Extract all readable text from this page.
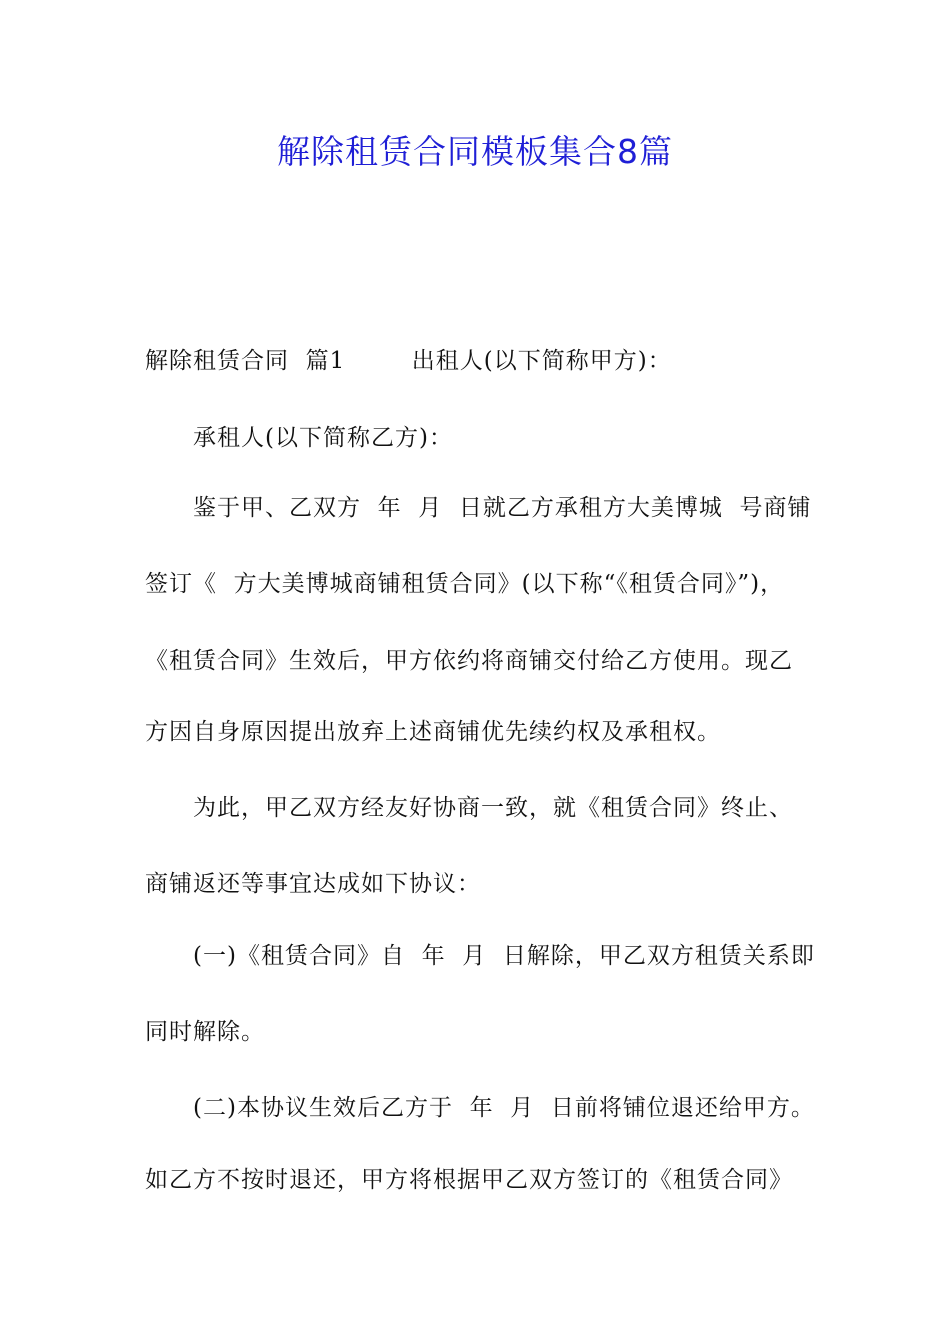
解除租赁合同模板集合8篇
解除租赁合同  篇1        出租人(以下简称甲方)：
承租人(以下简称乙方)：
鉴于甲、乙双方  年  月  日就乙方承租方大美博城  号商铺
签订《  方大美博城商铺租赁合同》(以下称“《租赁合同》”)，
《租赁合同》生效后，甲方依约将商铺交付给乙方使用。现乙
方因自身原因提出放弃上述商铺优先续约权及承租权。
为此，甲乙双方经友好协商一致，就《租赁合同》终止、
商铺返还等事宜达成如下协议：
(一)《租赁合同》自  年  月  日解除，甲乙双方租赁关系即
同时解除。
(二)本协议生效后乙方于  年  月  日前将铺位退还给甲方。
如乙方不按时退还，甲方将根据甲乙双方签订的《租赁合同》
